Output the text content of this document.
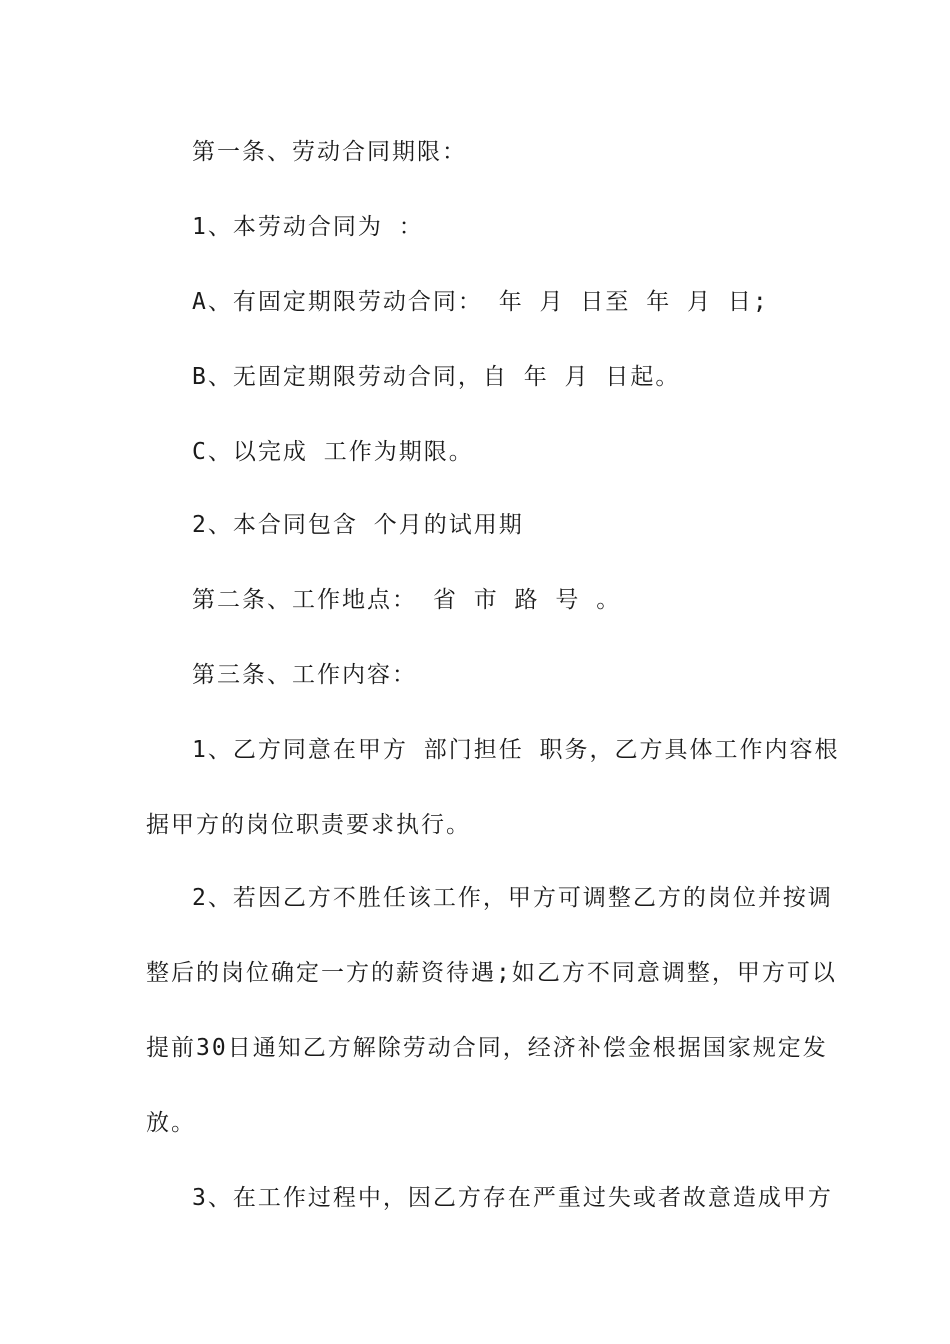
第一条、劳动合同期限：
1、本劳动合同为 ：
A、有固定期限劳动合同： 年 月 日至 年 月 日;
B、无固定期限劳动合同，自 年 月 日起。
C、以完成 工作为期限。
2、本合同包含 个月的试用期
第二条、工作地点： 省 市 路 号 。
第三条、工作内容：
1、乙方同意在甲方 部门担任 职务，乙方具体工作内容根
据甲方的岗位职责要求执行。
2、若因乙方不胜任该工作，甲方可调整乙方的岗位并按调
整后的岗位确定一方的薪资待遇;如乙方不同意调整，甲方可以
提前30日通知乙方解除劳动合同，经济补偿金根据国家规定发
放。
3、在工作过程中，因乙方存在严重过失或者故意造成甲方
